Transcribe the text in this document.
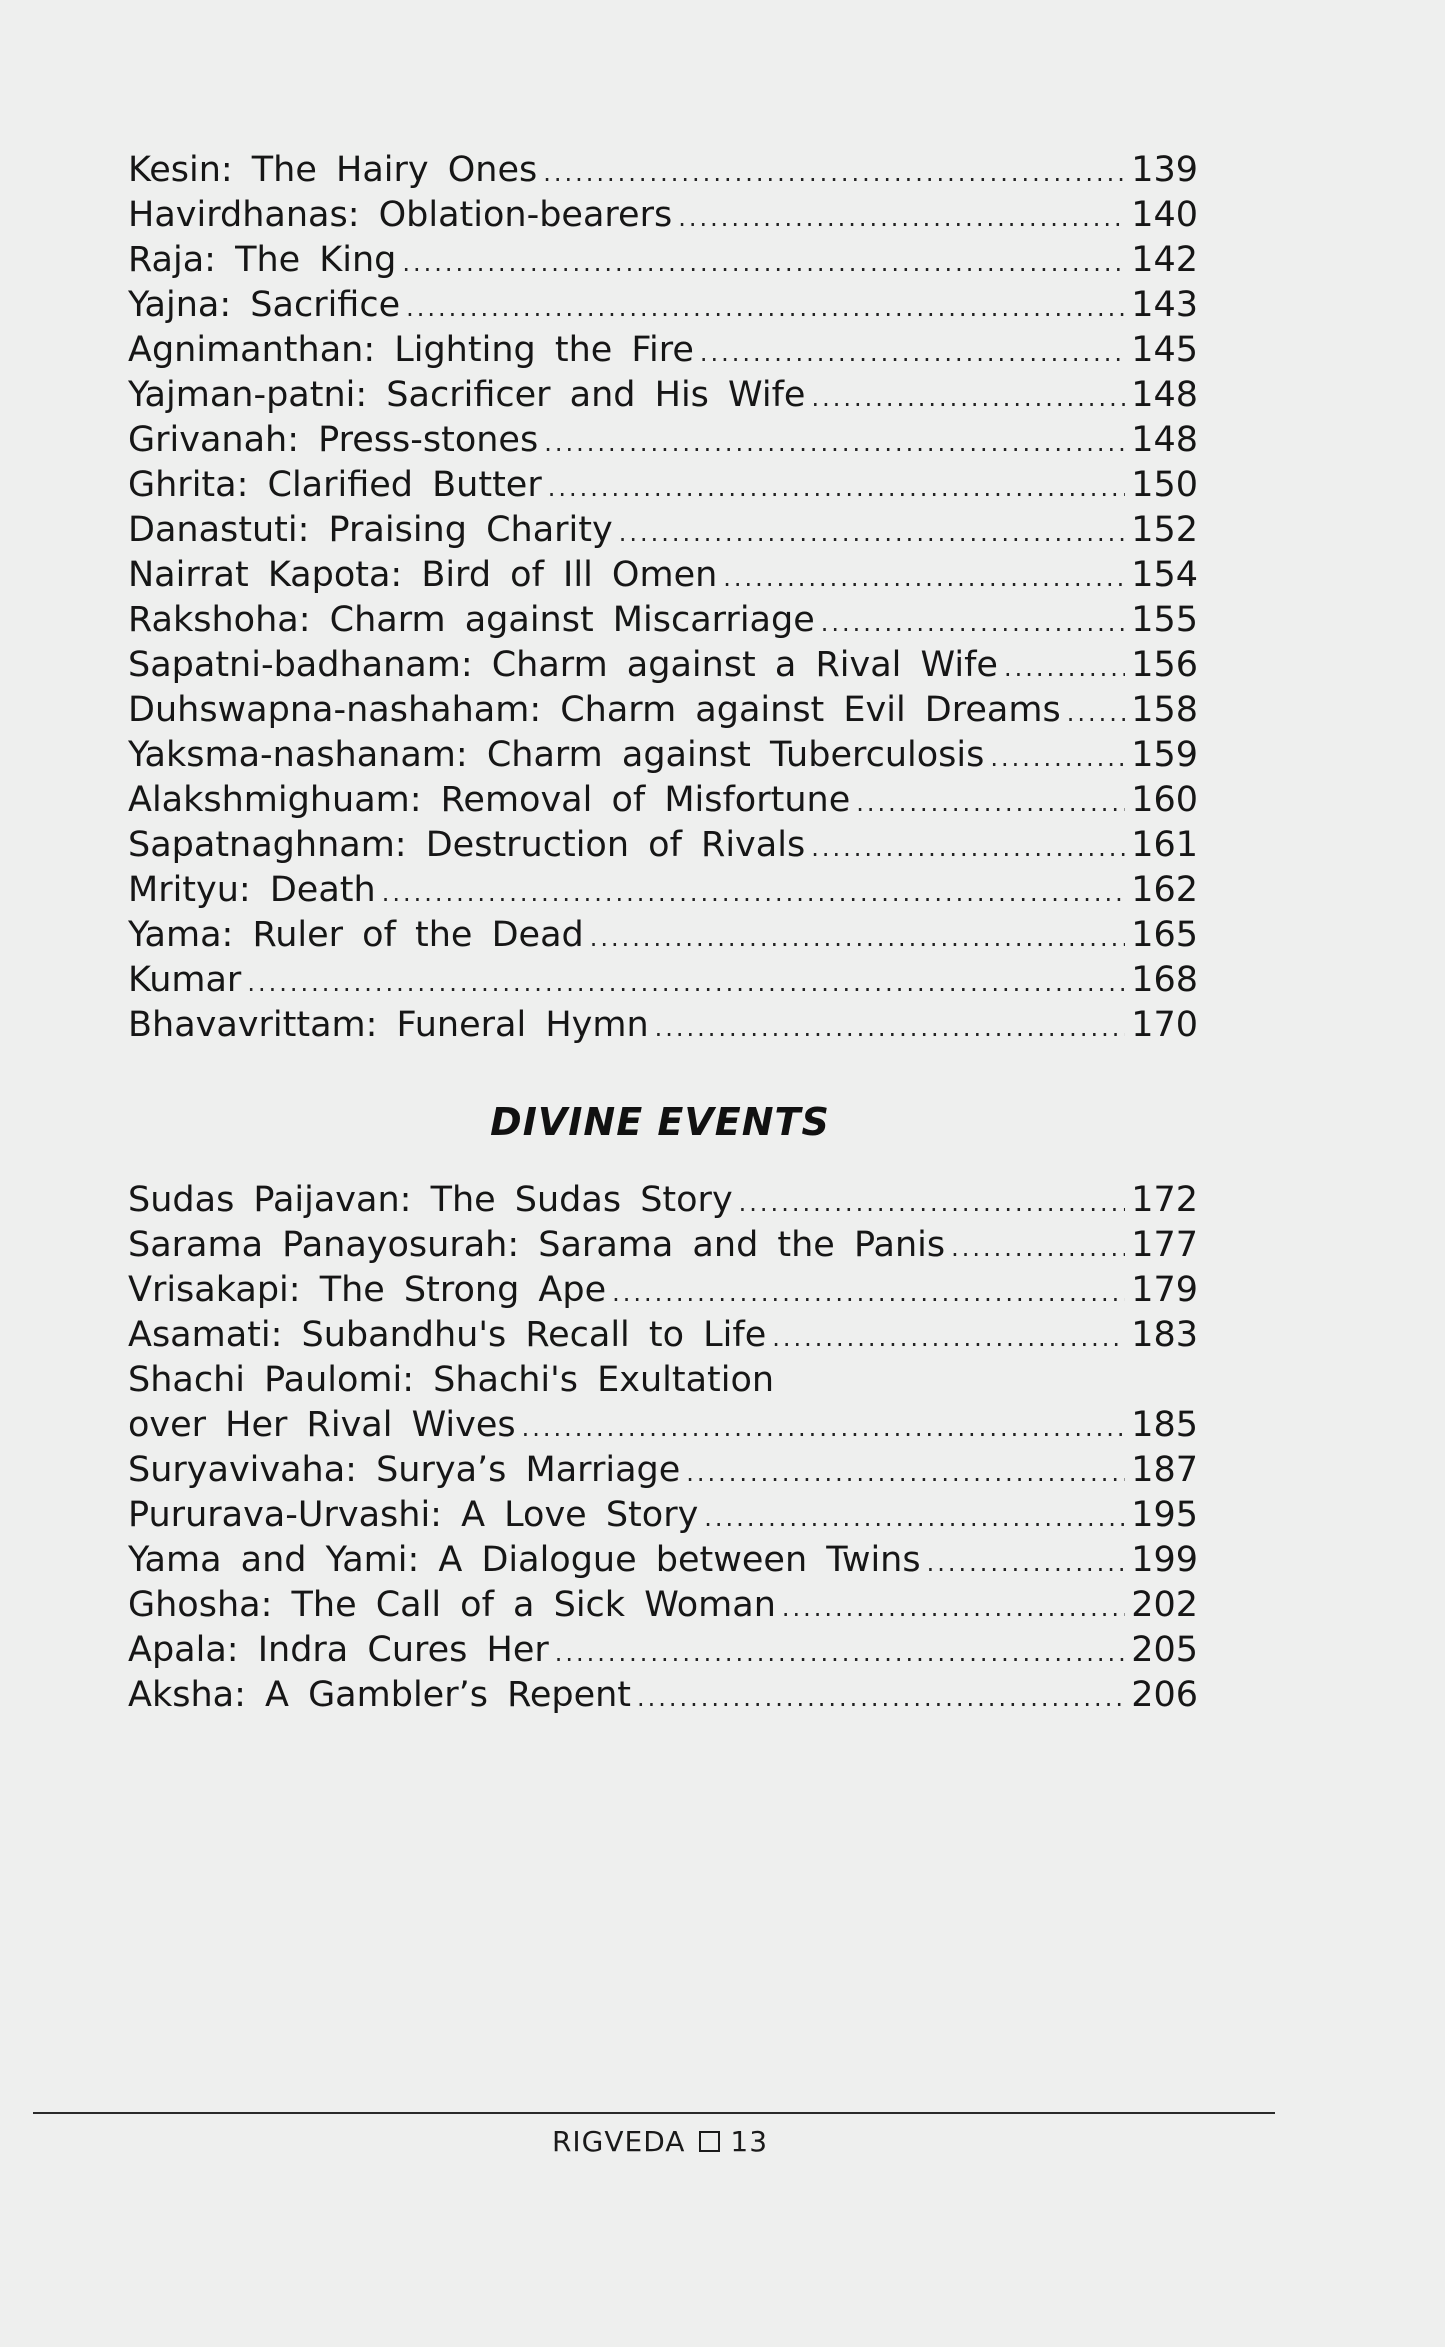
Kesin: The Hairy Ones .....	139
Havirdhanas: Oblation-bearers .....	140
Raja: The King .....	142
Yajna: Sacrifice .....	143
Agnimanthan: Lighting the Fire .....	145
Yajman-patni: Sacrificer and His Wife .....	148
Grivanah: Press-stones .....	148
Ghrita: Clarified Butter .....	150
Danastuti: Praising Charity .....	152
Nairrat Kapota: Bird of Ill Omen .....	154
Rakshoha: Charm against Miscarriage .....	155
Sapatni-badhanam: Charm against a Rival Wife .....	156
Duhswapna-nashaham: Charm against Evil Dreams ..... 158
Yaksma-nashanam: Charm against Tuberculosis .....	159
Alakshmighuam: Removal of Misfortune .....	160
Sapatnaghnam: Destruction of Rivals .....	161
Mrityu: Death .....	162
Yama: Ruler of the Dead .....	165
Kumar .....	168
Bhavavrittam: Funeral Hymn .....	170
DIVINE EVENTS
Sudas Paijavan: The Sudas Story .....	172
Sarama Panayosurah: Sarama and the Panis .....	177
Vrisakapi: The Strong Ape .....	179
Asamati: Subandhu's Recall to Life .....	183
Shachi Paulomi: Shachi's Exultation
over Her Rival Wives .....	185
Suryavivaha: Surya’s Marriage .....	187
Pururava-Urvashi: A Love Story .....	195
Yama and Yami: A Dialogue between Twins .....	199
Ghosha: The Call of a Sick Woman .....	202
Apala: Indra Cures Her .....	205
Aksha: A Gambler’s Repent .....	206
RIGVEDA 13
